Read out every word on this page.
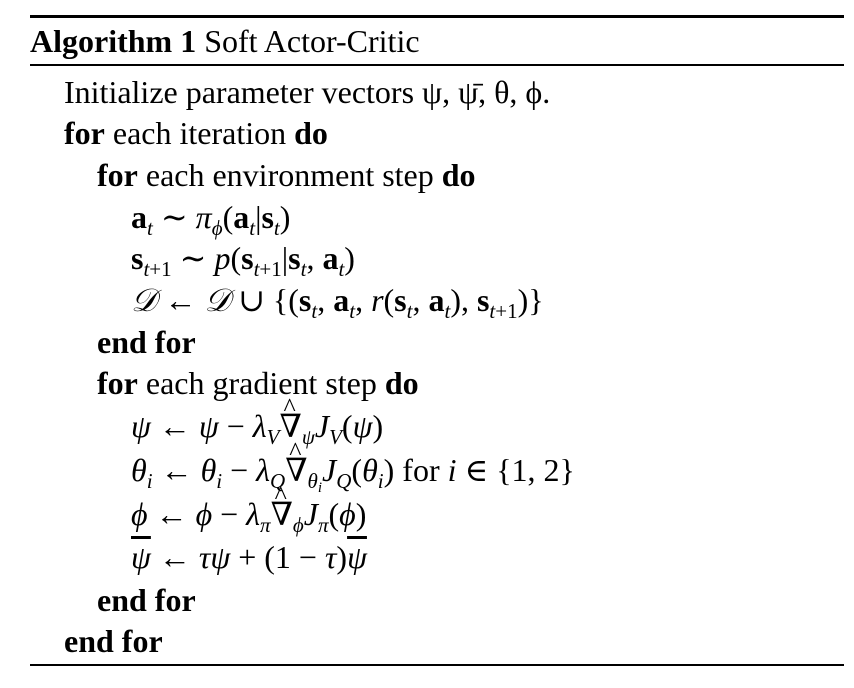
Algorithm 1 Soft Actor-Critic
Initialize parameter vectors ψ, ψ̄, θ, ϕ.
for each iteration do
for each environment step do
$a_t$ ∼ $\pi_\phi(a_t|s_t)$
$s_{t+1}$ ∼ $p(s_{t+1}|s_t$, $a_t$)
𝒟 ← 𝒟 ∪ {($s_t$, $a_t$, $r(s_t$, $a_t$), $s_{t+1}$)}
end for
for each gradient step do
ψ ← $\psi - \lambda_V\^{}$ $\nabla_\psi J_V(\psi)$
$\theta_i$ ← $\theta_i$ − $\lambda_Q\^{}$ $\nabla_{\theta_i}J_Q(\theta_i)$ for i ∈ {1, 2}
ϕ ← $\phi - \lambda_\pi\^{}$ $\nabla_\phi J_\pi(\phi)$
$\overline{\psi}$ ← $\tau\psi + (1 - \tau)\overline{\psi}$
end for
end for
